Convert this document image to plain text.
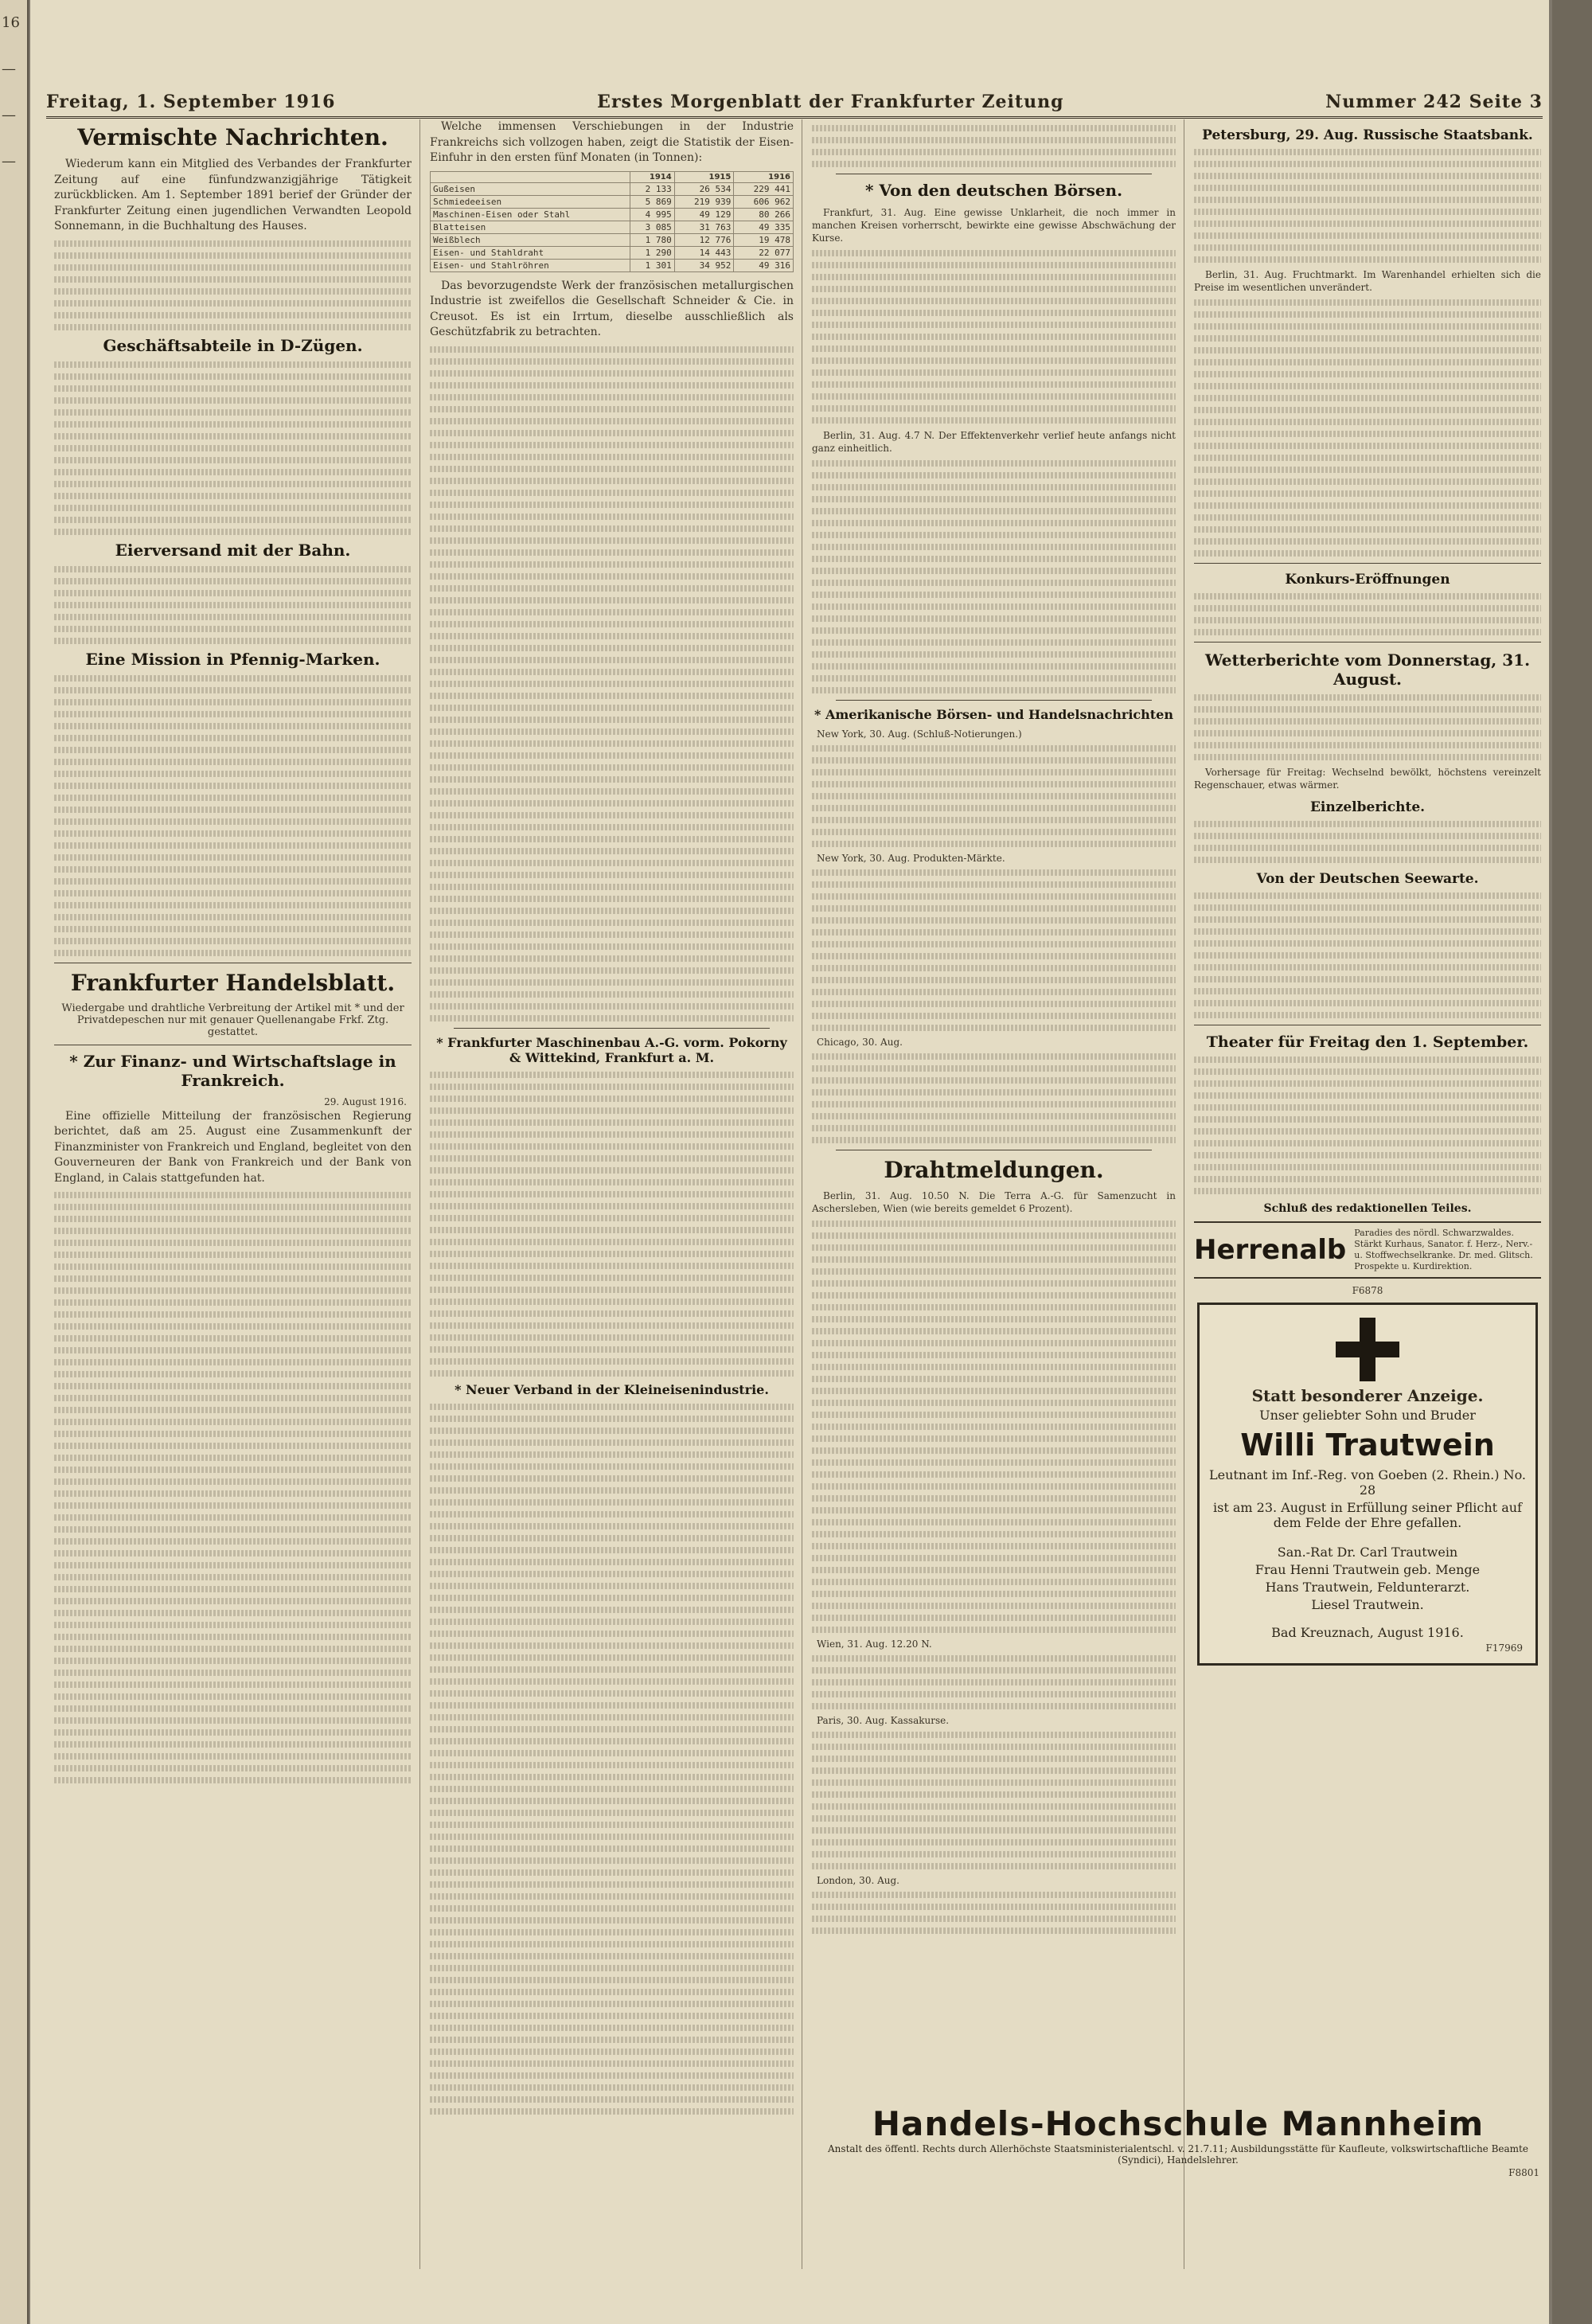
16
—
—
—
Freitag, 1. September 1916	Erstes Morgenblatt der Frankfurter Zeitung	Nummer 242 Seite 3
Vermischte Nachrichten.

Wiederum kann ein Mitglied des Verbandes der Frankfurter Zeitung auf eine fünfundzwanzigjährige Tätigkeit zurückblicken. Am 1. September 1891 berief der Gründer der Frankfurter Zeitung einen jugendlichen Verwandten Leopold Sonnemann, in die Buchhaltung des Hauses.

Geschäftsabteile in D-Zügen.
Eierversand mit der Bahn.
Eine Mission in Pfennig-Marken.
Frankfurter Handelsblatt.
Wiedergabe und drahtliche Verbreitung der Artikel mit * und der Privatdepeschen nur mit genauer Quellenangabe Frkf. Ztg. gestattet.
* Zur Finanz- und Wirtschaftslage in Frankreich.
29. August 1916.

Eine offizielle Mitteilung der französischen Regierung berichtet, daß am 25. August eine Zusammenkunft der Finanzminister von Frankreich und England, begleitet von den Gouverneuren der Bank von Frankreich und der Bank von England, in Calais stattgefunden hat.

Welche immensen Verschiebungen in der Industrie Frankreichs sich vollzogen haben, zeigt die Statistik der Eisen-Einfuhr in den ersten fünf Monaten (in Tonnen):

	1914	1915	1916
Gußeisen	2 133	26 534	229 441
Schmiedeeisen	5 869	219 939	606 962
Maschinen-Eisen oder Stahl	4 995	49 129	80 266
Blatteisen	3 085	31 763	49 335
Weißblech	1 780	12 776	19 478
Eisen- und Stahldraht	1 290	14 443	22 077
Eisen- und Stahlröhren	1 301	34 952	49 316

Das bevorzugendste Werk der französischen metallurgischen Industrie ist zweifellos die Gesellschaft Schneider & Cie. in Creusot. Es ist ein Irrtum, dieselbe ausschließlich als Geschützfabrik zu betrachten.

* Frankfurter Maschinenbau A.-G. vorm. Pokorny & Wittekind, Frankfurt a. M.
* Neuer Verband in der Kleineisenindustrie.
* Von den deutschen Börsen.

Frankfurt, 31. Aug. Eine gewisse Unklarheit, die noch immer in manchen Kreisen vorherrscht, bewirkte eine gewisse Abschwächung der Kurse.

Berlin, 31. Aug. 4.7 N. Der Effektenverkehr verlief heute anfangs nicht ganz einheitlich.

* Amerikanische Börsen- und Handelsnachrichten
New York, 30. Aug. (Schluß-Notierungen.)
New York, 30. Aug. Produkten-Märkte.
Chicago, 30. Aug.
Drahtmeldungen.

Berlin, 31. Aug. 10.50 N. Die Terra A.-G. für Samenzucht in Aschersleben, Wien (wie bereits gemeldet 6 Prozent).

Wien, 31. Aug. 12.20 N.
Paris, 30. Aug. Kassakurse.
London, 30. Aug.
Petersburg, 29. Aug. Russische Staatsbank.

Berlin, 31. Aug. Fruchtmarkt. Im Warenhandel erhielten sich die Preise im wesentlichen unverändert.

Konkurs-Eröffnungen
Wetterberichte vom Donnerstag, 31. August.

Vorhersage für Freitag: Wechselnd bewölkt, höchstens vereinzelt Regenschauer, etwas wärmer.

Einzelberichte.
Von der Deutschen Seewarte.
Theater für Freitag den 1. September.
Schluß des redaktionellen Teiles.
Herrenalb
Paradies des nördl. Schwarzwaldes. Stärkt Kurhaus, Sanator. f. Herz-, Nerv.- u. Stoffwechselkranke. Dr. med. Glitsch. Prospekte u. Kurdirektion.
F6878
Statt besonderer Anzeige.
Unser geliebter Sohn und Bruder
Willi Trautwein
Leutnant im Inf.-Reg. von Goeben (2. Rhein.) No. 28
ist am 23. August in Erfüllung seiner Pflicht auf dem Felde der Ehre gefallen.
San.-Rat Dr. Carl Trautwein
Frau Henni Trautwein geb. Menge
Hans Trautwein, Feldunterarzt.
Liesel Trautwein.
Bad Kreuznach, August 1916.
F17969
Handels-Hochschule Mannheim
Anstalt des öffentl. Rechts durch Allerhöchste Staatsministerialentschl. v. 21.7.11; Ausbildungsstätte für Kaufleute, volkswirtschaftliche Beamte (Syndici), Handelslehrer.
F8801
